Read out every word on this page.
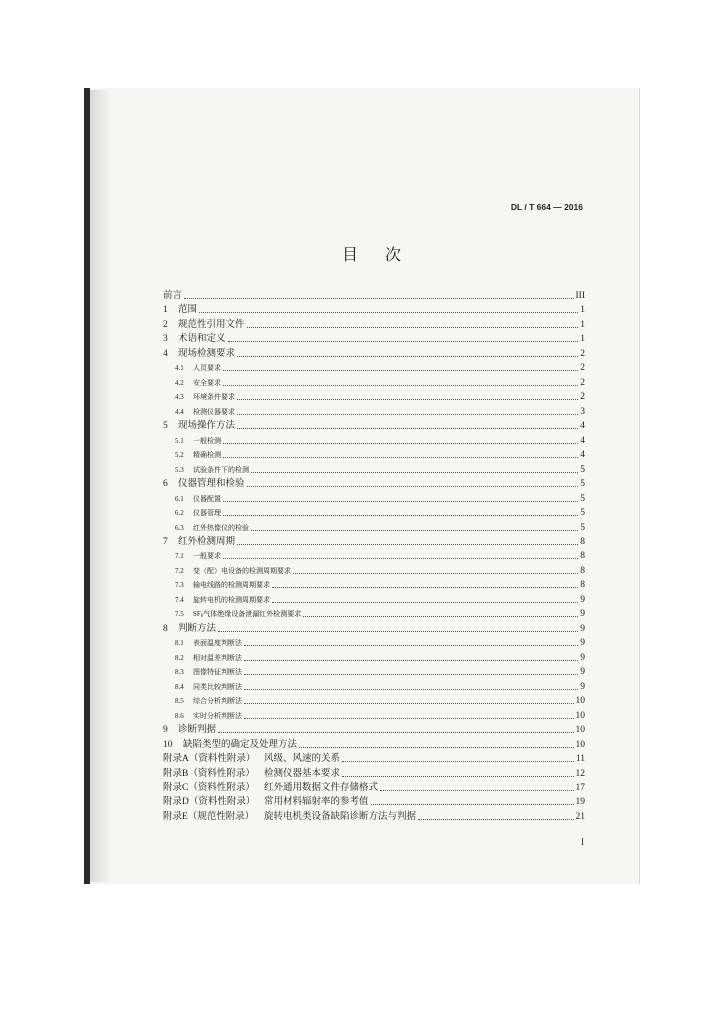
DL / T 664 — 2016
目次
前言	III
1	范围	1
2	规范性引用文件	1
3	术语和定义	1
4	现场检测要求	2
4.1	人员要求	2
4.2	安全要求	2
4.3	环境条件要求	2
4.4	检测仪器要求	3
5	现场操作方法	4
5.1	一般检测	4
5.2	精确检测	4
5.3	试验条件下的检测	5
6	仪器管理和检验	5
6.1	仪器配置	5
6.2	仪器管理	5
6.3	红外热像仪的检验	5
7	红外检测周期	8
7.1	一般要求	8
7.2	变（配）电设备的检测周期要求	8
7.3	输电线路的检测周期要求	8
7.4	旋转电机的检测周期要求	9
7.5	$SF_6$气体绝缘设备泄漏红外检测要求	9
8	判断方法	9
8.1	表面温度判断法	9
8.2	相对温差判断法	9
8.3	图像特征判断法	9
8.4	同类比较判断法	9
8.5	综合分析判断法	10
8.6	实时分析判断法	10
9	诊断判据	10
10	缺陷类型的确定及处理方法	10
附录A（资料性附录） 风级、风速的关系	11
附录B（资料性附录） 检测仪器基本要求	12
附录C（资料性附录） 红外通用数据文件存储格式	17
附录D（资料性附录） 常用材料辐射率的参考值	19
附录E（规范性附录）	旋转电机类设备缺陷诊断方法与判据	21
I
